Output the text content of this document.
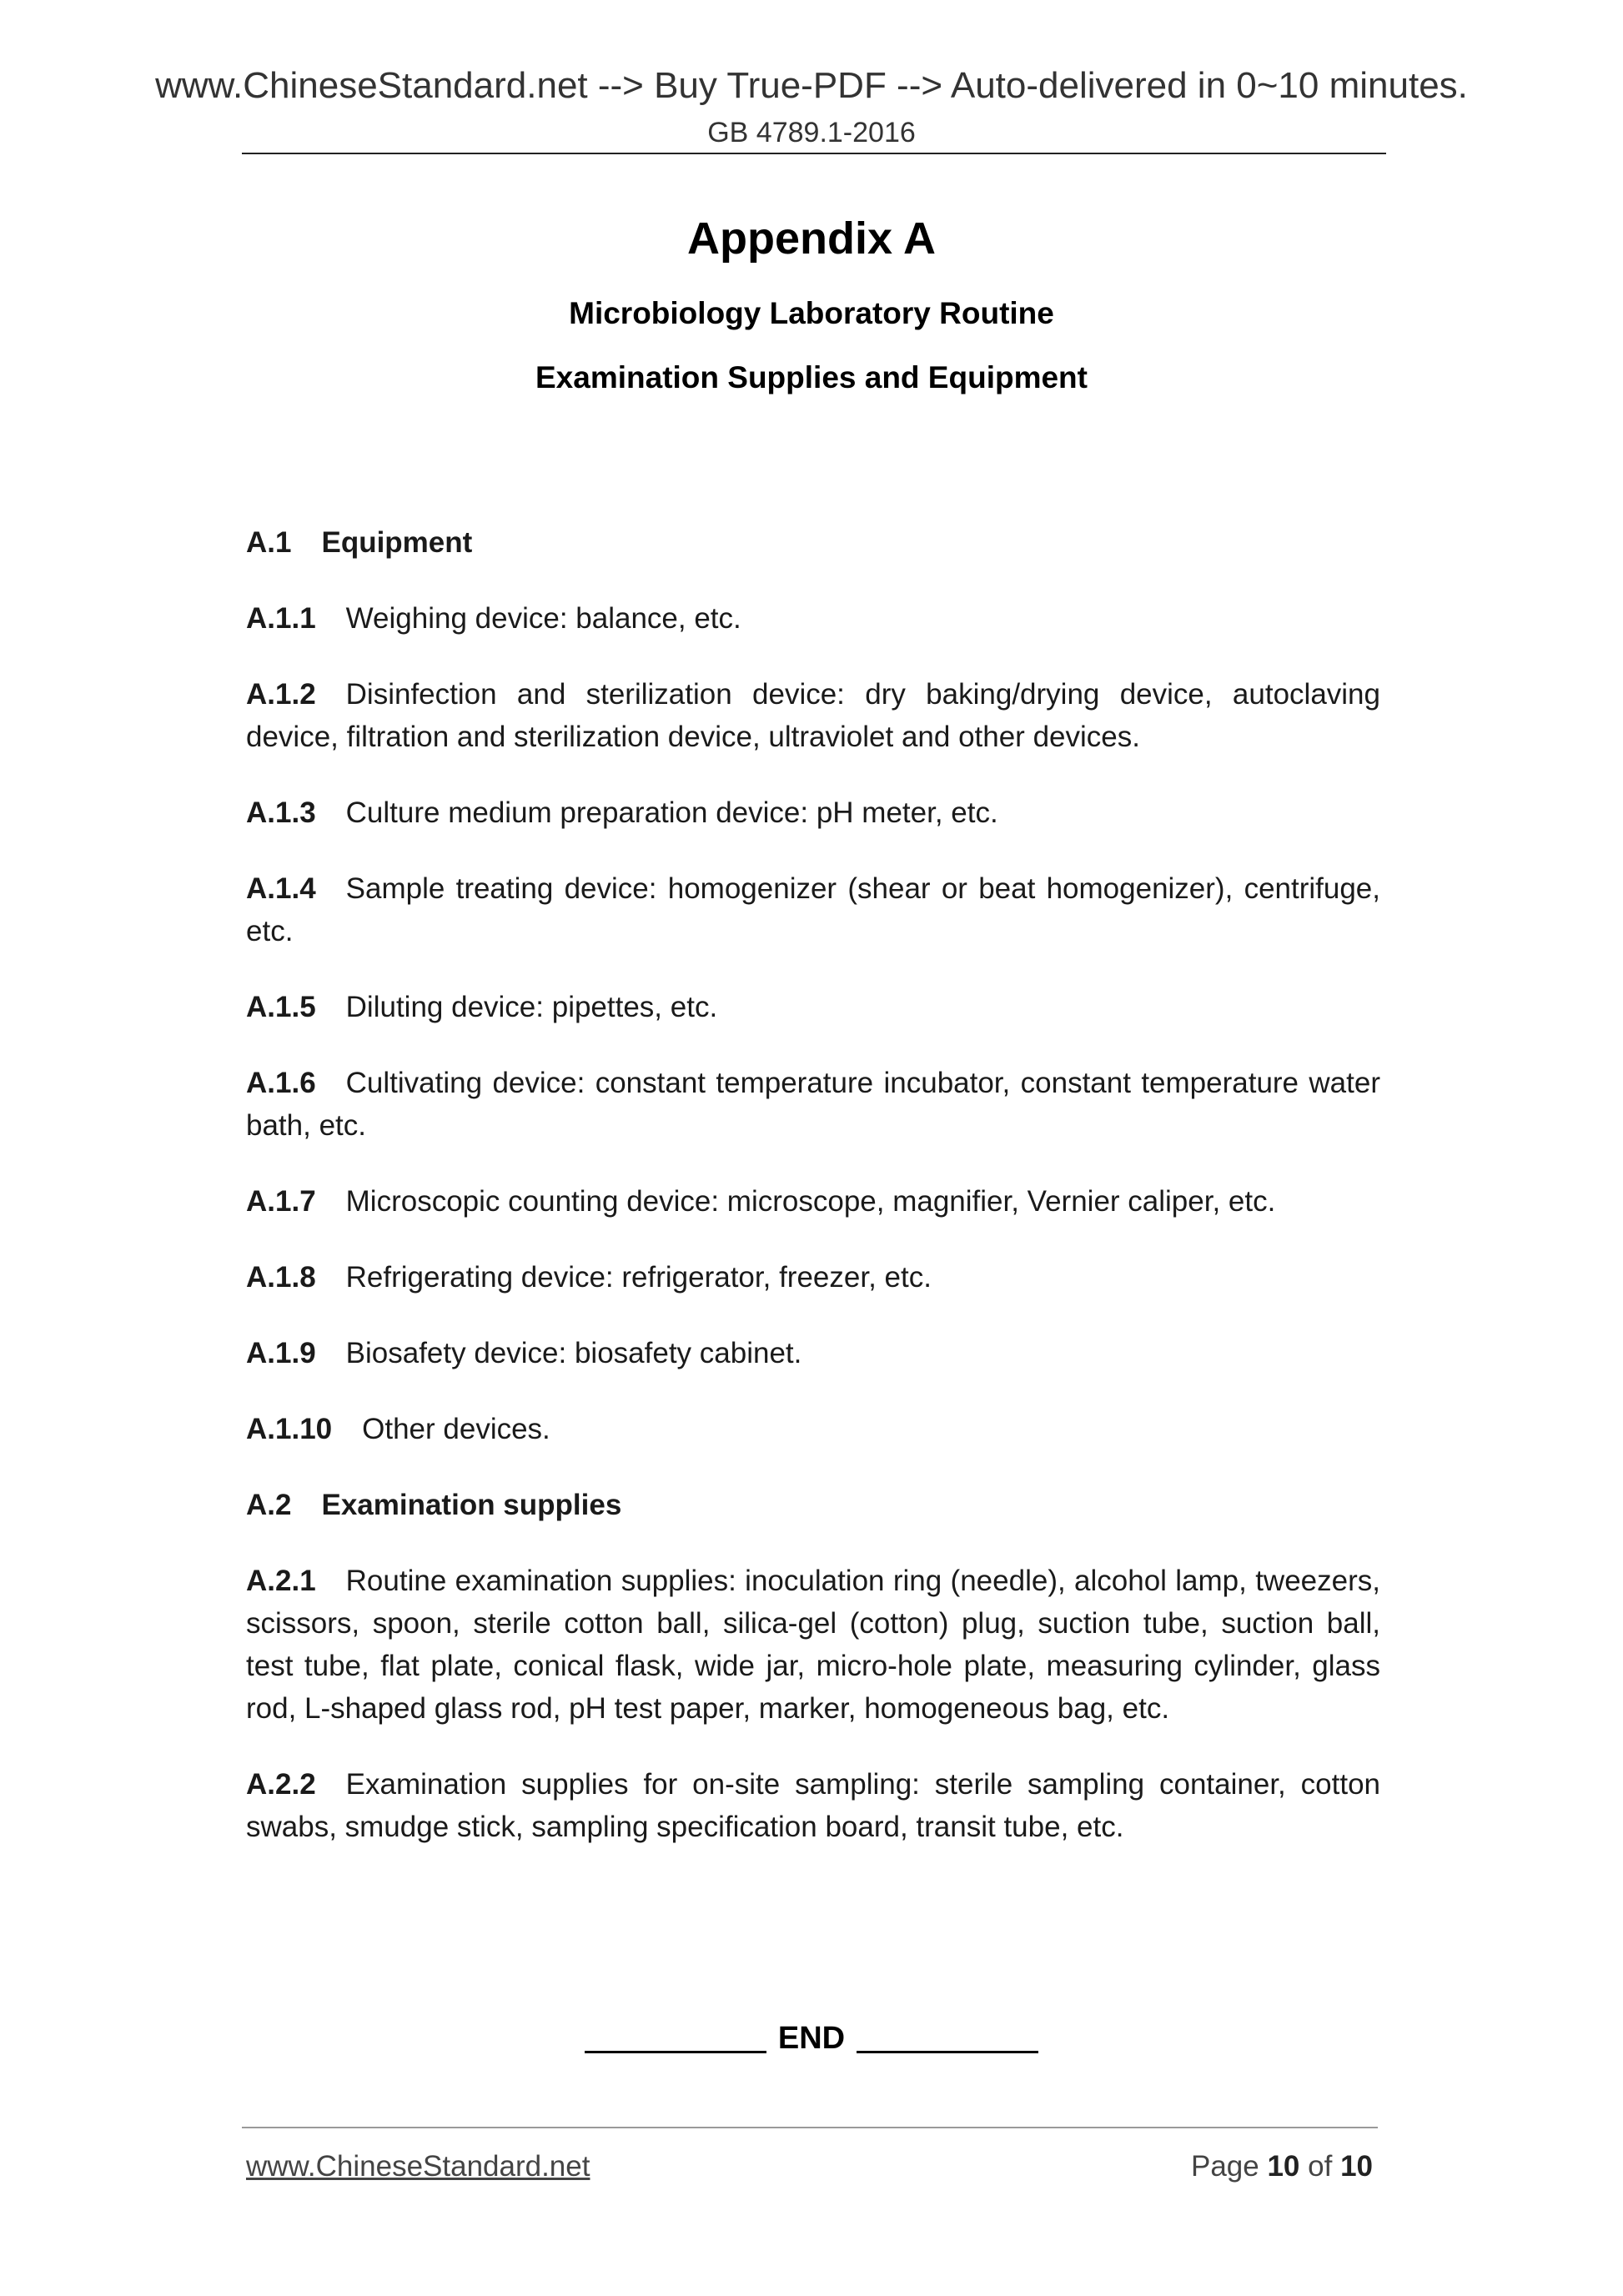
www.ChineseStandard.net --> Buy True-PDF --> Auto-delivered in 0~10 minutes.
GB 4789.1-2016
Appendix A
Microbiology Laboratory Routine
Examination Supplies and Equipment
A.1 Equipment

A.1.1 Weighing device: balance, etc.

A.1.2 Disinfection and sterilization device: dry baking/drying device, autoclaving device, filtration and sterilization device, ultraviolet and other devices.

A.1.3 Culture medium preparation device: pH meter, etc.

A.1.4 Sample treating device: homogenizer (shear or beat homogenizer), centrifuge, etc.

A.1.5 Diluting device: pipettes, etc.

A.1.6 Cultivating device: constant temperature incubator, constant temperature water bath, etc.

A.1.7 Microscopic counting device: microscope, magnifier, Vernier caliper, etc.

A.1.8 Refrigerating device: refrigerator, freezer, etc.

A.1.9 Biosafety device: biosafety cabinet.

A.1.10 Other devices.

A.2 Examination supplies

A.2.1 Routine examination supplies: inoculation ring (needle), alcohol lamp, tweezers, scissors, spoon, sterile cotton ball, silica-gel (cotton) plug, suction tube, suction ball, test tube, flat plate, conical flask, wide jar, micro-hole plate, measuring cylinder, glass rod, L-shaped glass rod, pH test paper, marker, homogeneous bag, etc.

A.2.2 Examination supplies for on-site sampling: sterile sampling container, cotton swabs, smudge stick, sampling specification board, transit tube, etc.

END
www.ChineseStandard.net	Page 10 of 10
